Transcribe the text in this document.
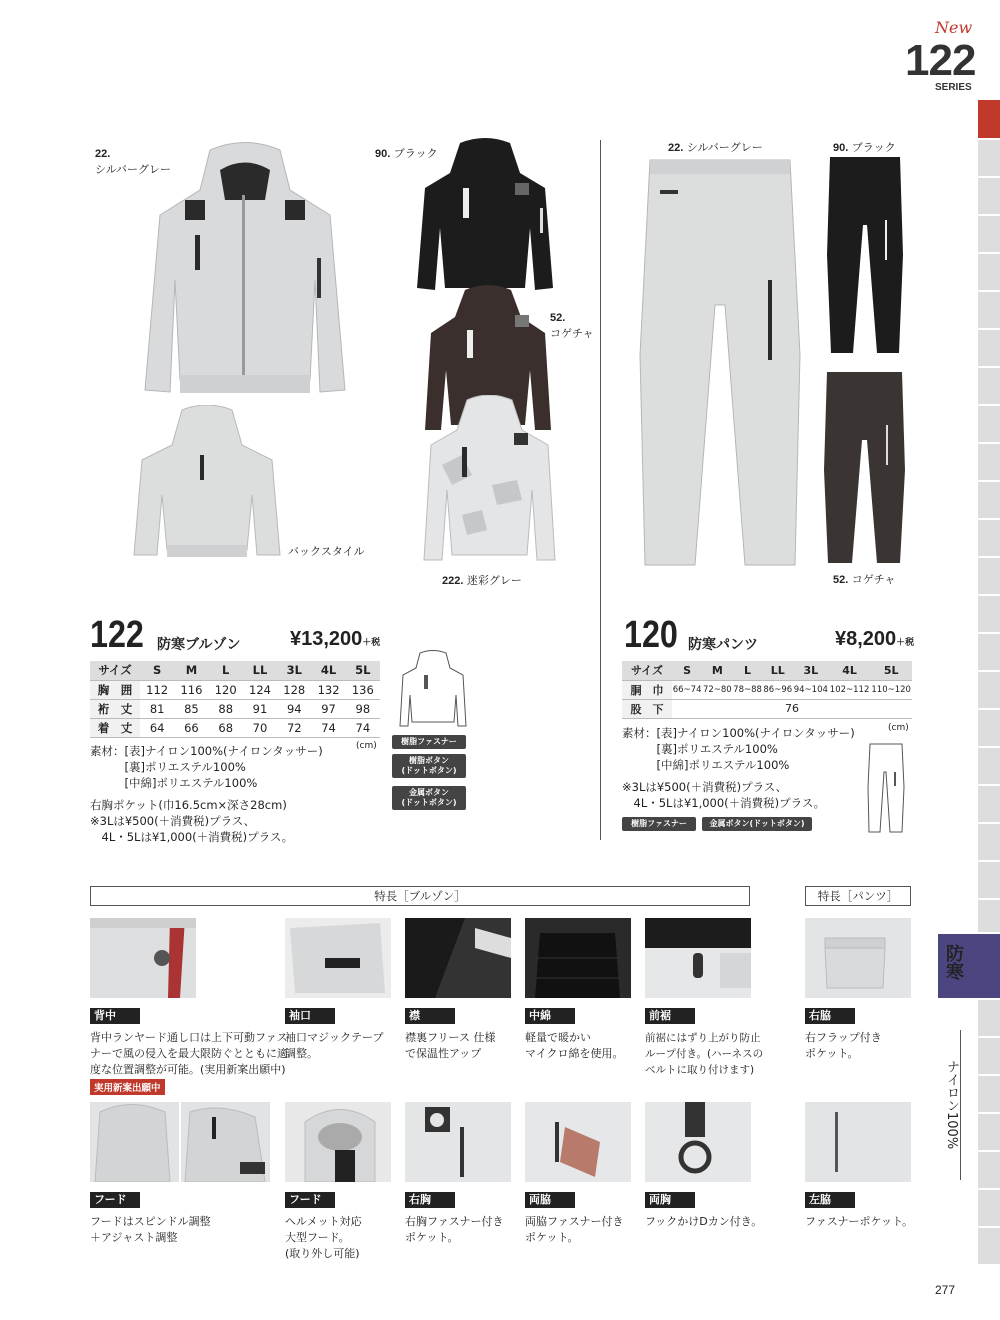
New
122
SERIES
防寒
ナイロン100%
22.
シルバーグレー
バックスタイル
90. ブラック
52.
コゲチャ
222. 迷彩グレー
22. シルバーグレー	90. ブラック
52. コゲチャ
122 防寒ブルゾン ¥13,200＋税
サイズ	S	M	L	LL	3L	4L	5L
胸　囲	112	116	120	124	128	132	136
裄　丈	81	85	88	91	94	97	98
着　丈	64	66	68	70	72	74	74
(cm)
素材：[表]ナイロン100%(ナイロンタッサー)
　　　[裏]ポリエステル100%
　　　[中綿]ポリエステル100%
右胸ポケット(巾16.5cm×深さ28cm)
※3Lは¥500(＋消費税)プラス、
　4L・5Lは¥1,000(＋消費税)プラス。
樹脂ファスナー
樹脂ボタン
(ドットボタン)
金属ボタン
(ドットボタン)
120 防寒パンツ	¥8,200＋税
サイズ	S	M	L	LL	3L	4L	5L
胴　巾	66~74	72~80	78~88	86~96	94~104	102~112	110~120
股　下	76						
(cm)
素材：[表]ナイロン100%(ナイロンタッサー)
　　　[裏]ポリエステル100%
　　　[中綿]ポリエステル100%
※3Lは¥500(＋消費税)プラス、
　4L・5Lは¥1,000(＋消費税)プラス。
樹脂ファスナー	金属ボタン(ドットボタン)
特長［ブルゾン］	特長［パンツ］
背中	袖口	襟	中綿	前裾	右脇
背中ランヤード通し口は上下可動ファス
ナーで風の侵入を最大限防ぐとともに適
度な位置調整が可能。(実用新案出願中)
実用新案出願中
袖口マジックテープ
調整。
襟裏フリース 仕様
で保温性アップ
軽量で暖かい
マイクロ綿を使用。
前裾にはずり上がり防止
ループ付き。(ハーネスの
ベルトに取り付けます)
右フラップ付き
ポケット。
フード	フード	右胸	両脇	両胸	左脇
フードはスピンドル調整
＋アジャスト調整
ヘルメット対応
大型フード。
(取り外し可能)
右胸ファスナー付き
ポケット。
両脇ファスナー付き
ポケット。
フックかけDカン付き。	ファスナーポケット。
277
